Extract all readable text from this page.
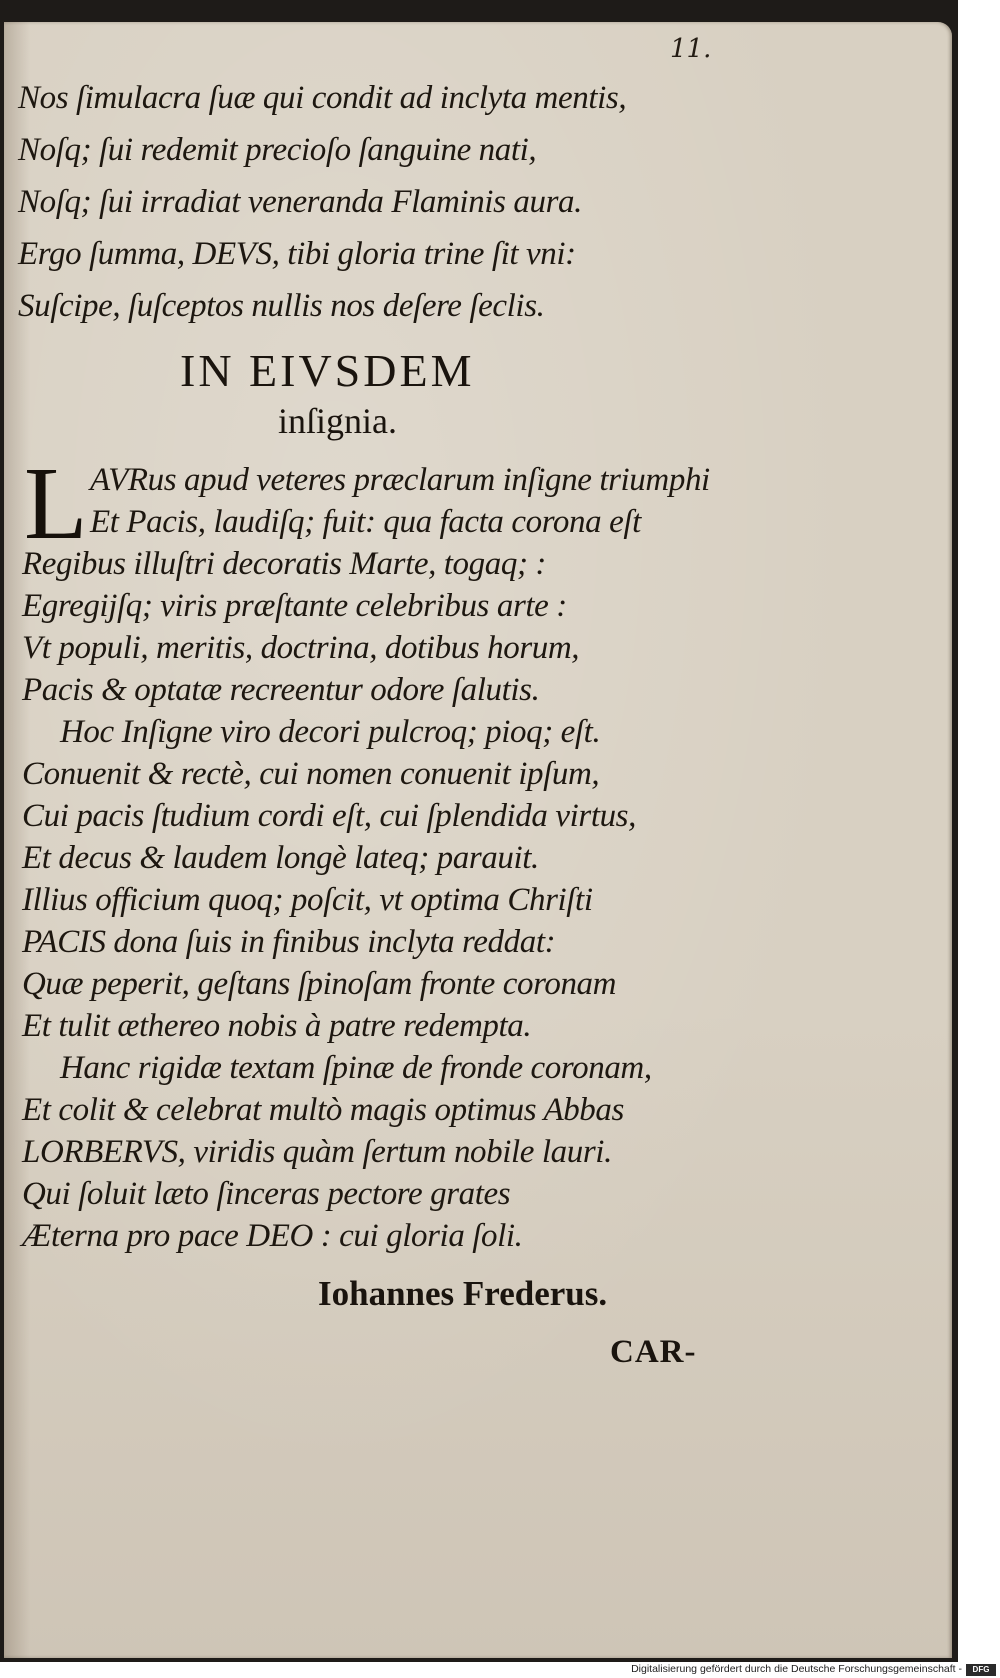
11.
Nos ſimulacra ſuæ qui condit ad inclyta mentis,
Noſq; ſui redemit precioſo ſanguine nati,
Noſq; ſui irradiat veneranda Flaminis aura.
Ergo ſumma, DEVS, tibi gloria trine ſit vni:
Suſcipe, ſuſceptos nullis nos deſere ſeclis.
IN EIVSDEM
inſignia.
L AVRus apud veteres præclarum inſigne triumphi
Et Pacis, laudiſq; fuit: qua facta corona eſt
Regibus illuſtri decoratis Marte, togaq; :
Egregijſq; viris præſtante celebribus arte :
Vt populi, meritis, doctrina, dotibus horum,
Pacis & optatæ recreentur odore ſalutis.
Hoc Inſigne viro decori pulcroq; pioq; eſt.
Conuenit & rectè, cui nomen conuenit ipſum,
Cui pacis ſtudium cordi eſt, cui ſplendida virtus,
Et decus & laudem longè lateq; parauit.
Illius officium quoq; poſcit, vt optima Chriſti
PACIS dona ſuis in finibus inclyta reddat:
Quæ peperit, geſtans ſpinoſam fronte coronam
Et tulit æthereo nobis à patre redempta.
Hanc rigidæ textam ſpinæ de fronde coronam,
Et colit & celebrat multò magis optimus Abbas
LORBERVS, viridis quàm ſertum nobile lauri.
Qui ſoluit læto ſinceras pectore grates
Æterna pro pace DEO : cui gloria ſoli.
Iohannes Frederus.
CAR-
Digitalisierung gefördert durch die Deutsche Forschungsgemeinschaft -	DFG
